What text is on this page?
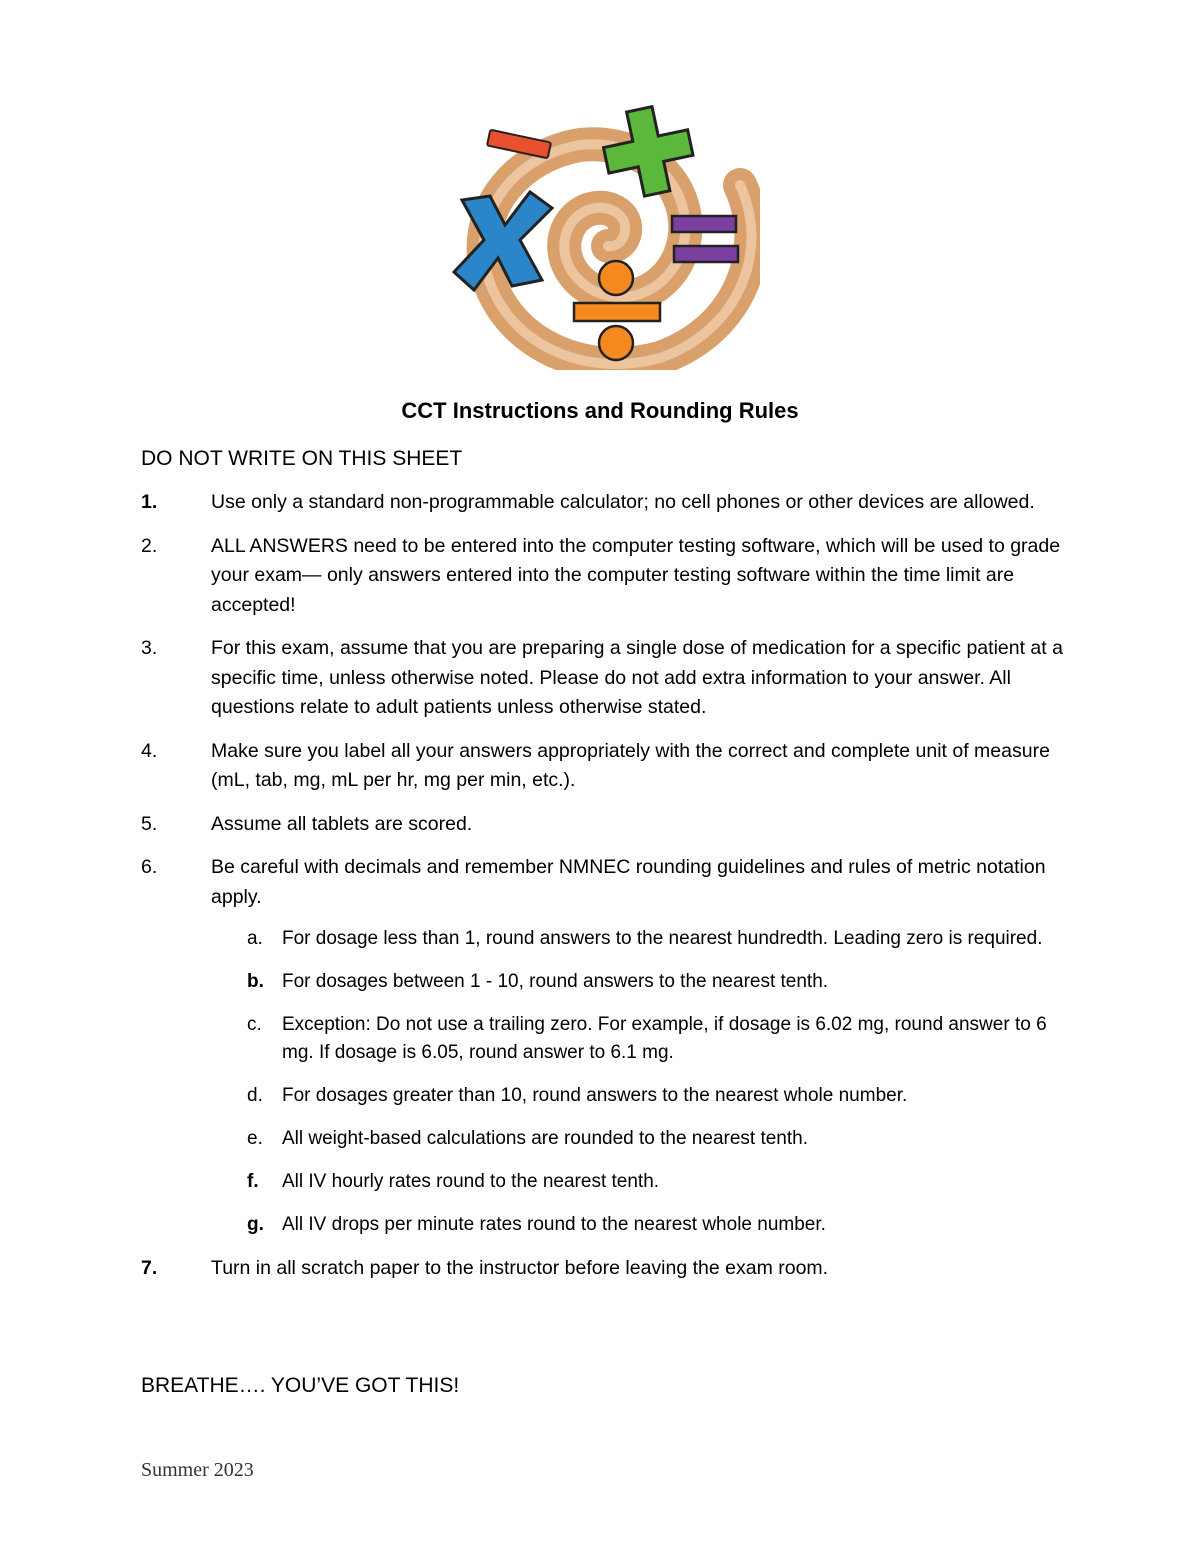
CCT Instructions and Rounding Rules
DO NOT WRITE ON THIS SHEET
1.	Use only a standard non-programmable calculator; no cell phones or other devices are allowed.
2.	ALL ANSWERS need to be entered into the computer testing software, which will be used to grade your exam— only answers entered into the computer testing software within the time limit are accepted!
3.	For this exam, assume that you are preparing a single dose of medication for a specific patient at a specific time, unless otherwise noted. Please do not add extra information to your answer. All questions relate to adult patients unless otherwise stated.
4.	Make sure you label all your answers appropriately with the correct and complete unit of measure (mL, tab, mg, mL per hr, mg per min, etc.).
5.	Assume all tablets are scored.
6.	Be careful with decimals and remember NMNEC rounding guidelines and rules of metric notation apply.
a. For dosage less than 1, round answers to the nearest hundredth. Leading zero is required.
b. For dosages between 1 - 10, round answers to the nearest tenth.
c. Exception: Do not use a trailing zero. For example, if dosage is 6.02 mg, round answer to 6 mg. If dosage is 6.05, round answer to 6.1 mg.
d. For dosages greater than 10, round answers to the nearest whole number.
e. All weight-based calculations are rounded to the nearest tenth.
f. All IV hourly rates round to the nearest tenth.
g. All IV drops per minute rates round to the nearest whole number.
7.	Turn in all scratch paper to the instructor before leaving the exam room.
BREATHE…. YOU’VE GOT THIS!
Summer 2023
